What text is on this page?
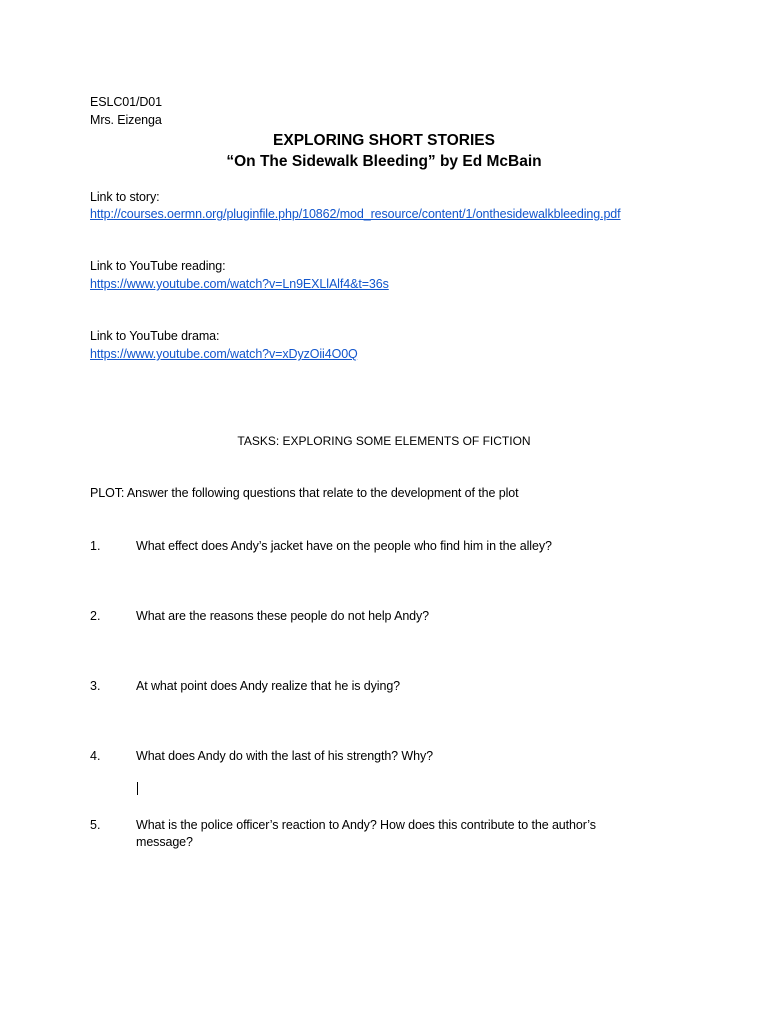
ESLC01/D01
Mrs. Eizenga
EXPLORING SHORT STORIES
“On The Sidewalk Bleeding” by Ed McBain
Link to story:
http://courses.oermn.org/pluginfile.php/10862/mod_resource/content/1/onthesidewalkbleeding.pdf
Link to YouTube reading:
https://www.youtube.com/watch?v=Ln9EXLlAlf4&t=36s
Link to YouTube drama:
https://www.youtube.com/watch?v=xDyzOii4O0Q
TASKS: EXPLORING SOME ELEMENTS OF FICTION
PLOT: Answer the following questions that relate to the development of the plot
1.	What effect does Andy’s jacket have on the people who find him in the alley?
2.	What are the reasons these people do not help Andy?
3.	At what point does Andy realize that he is dying?
4.	What does Andy do with the last of his strength? Why?
5.	What is the police officer’s reaction to Andy? How does this contribute to the author’s message?
